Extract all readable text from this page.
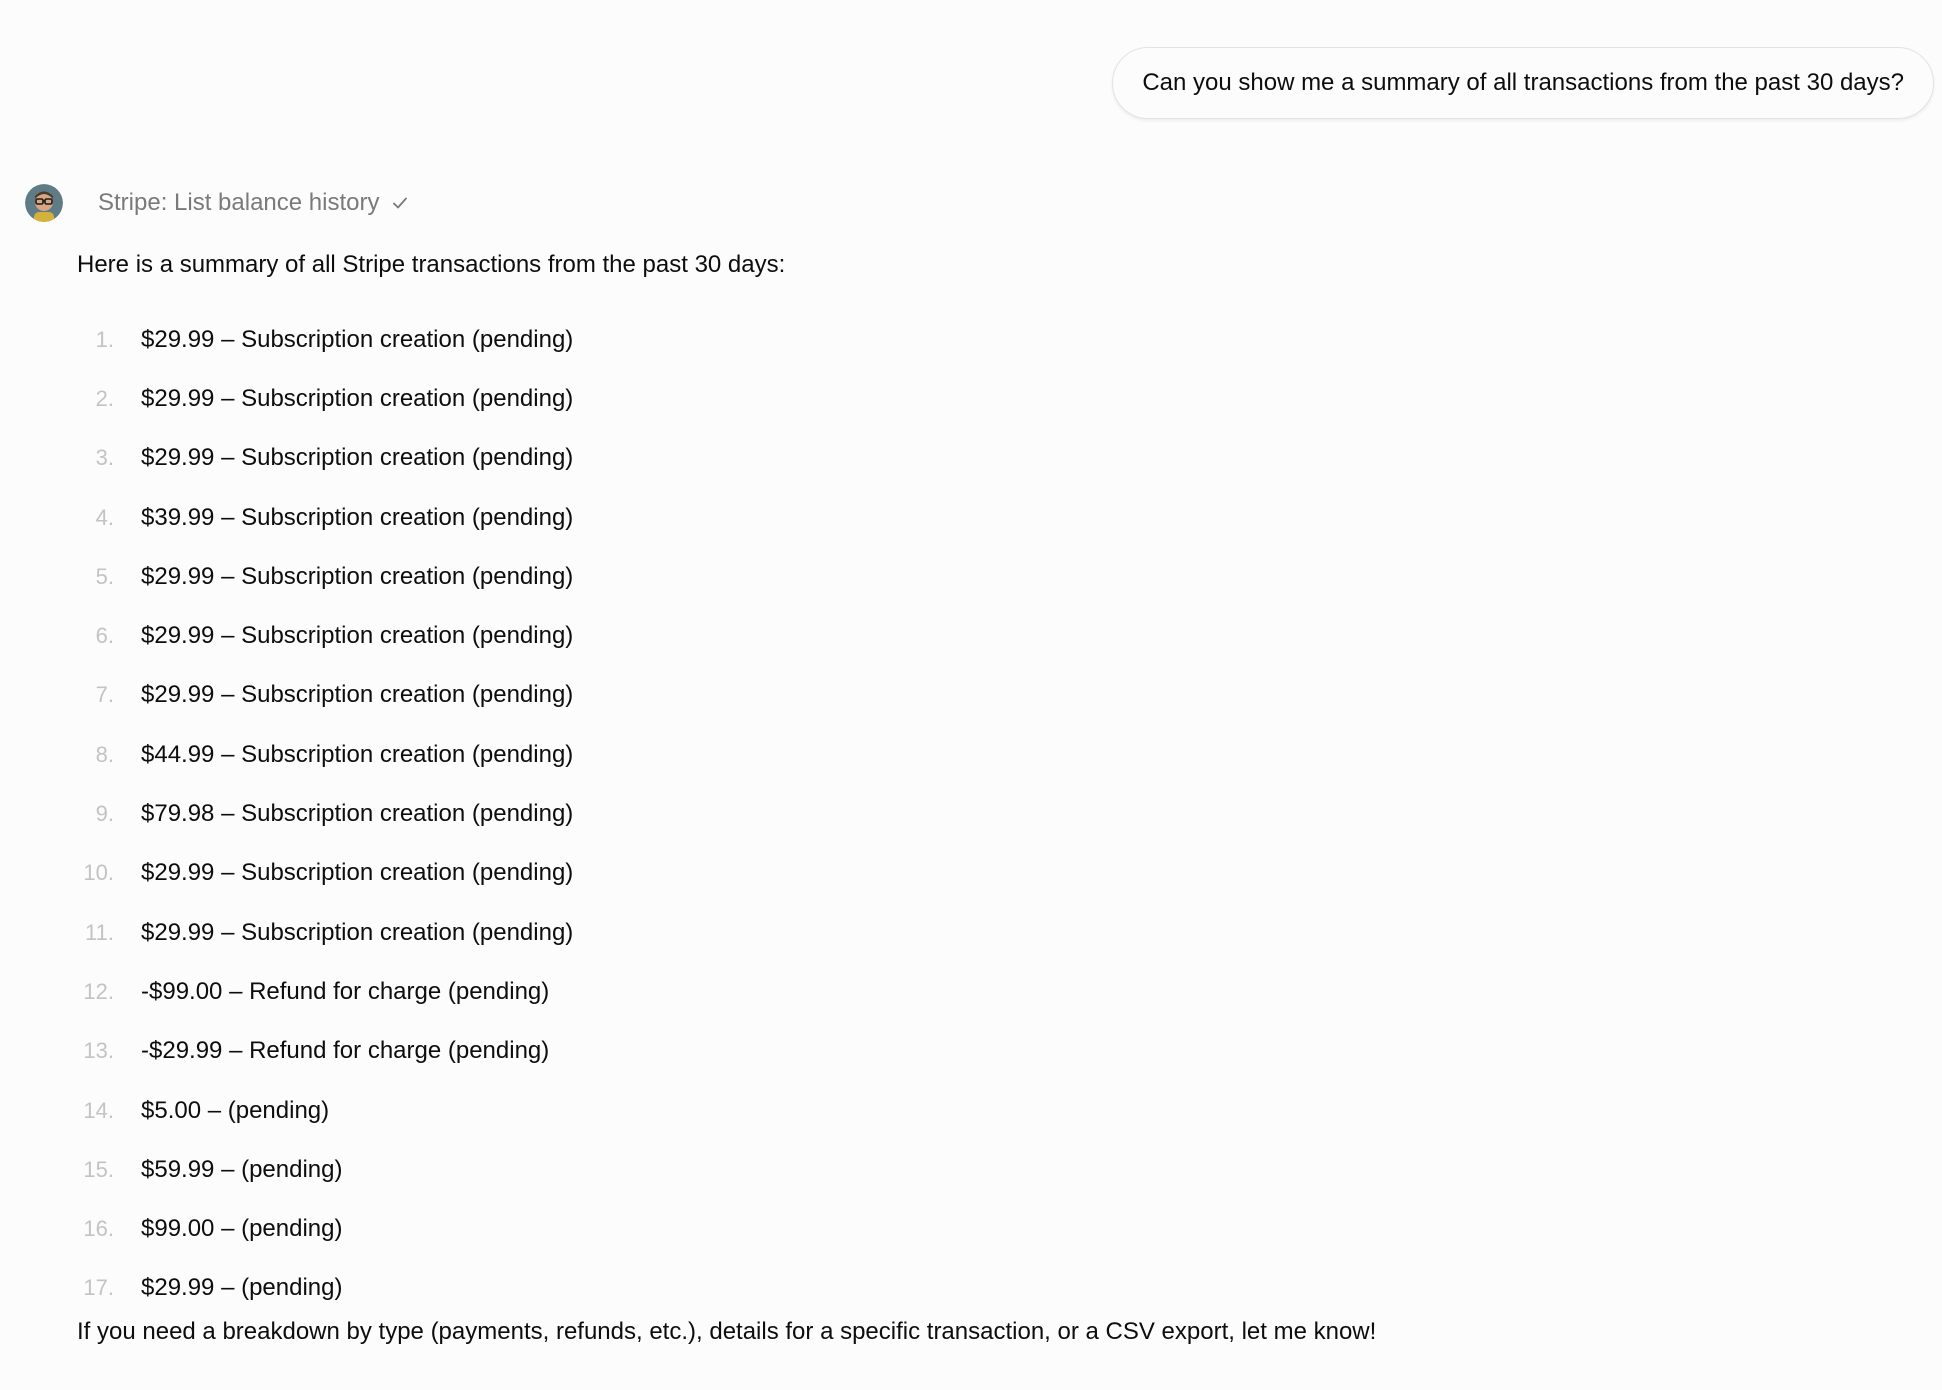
Can you show me a summary of all transactions from the past 30 days?
Stripe: List balance history
Here is a summary of all Stripe transactions from the past 30 days:
1. $29.99 – Subscription creation (pending)
2. $29.99 – Subscription creation (pending)
3. $29.99 – Subscription creation (pending)
4. $39.99 – Subscription creation (pending)
5. $29.99 – Subscription creation (pending)
6. $29.99 – Subscription creation (pending)
7. $29.99 – Subscription creation (pending)
8. $44.99 – Subscription creation (pending)
9. $79.98 – Subscription creation (pending)
10. $29.99 – Subscription creation (pending)
11. $29.99 – Subscription creation (pending)
12. -$99.00 – Refund for charge (pending)
13. -$29.99 – Refund for charge (pending)
14. $5.00 – (pending)
15. $59.99 – (pending)
16. $99.00 – (pending)
17. $29.99 – (pending)
If you need a breakdown by type (payments, refunds, etc.), details for a specific transaction, or a CSV export, let me know!
